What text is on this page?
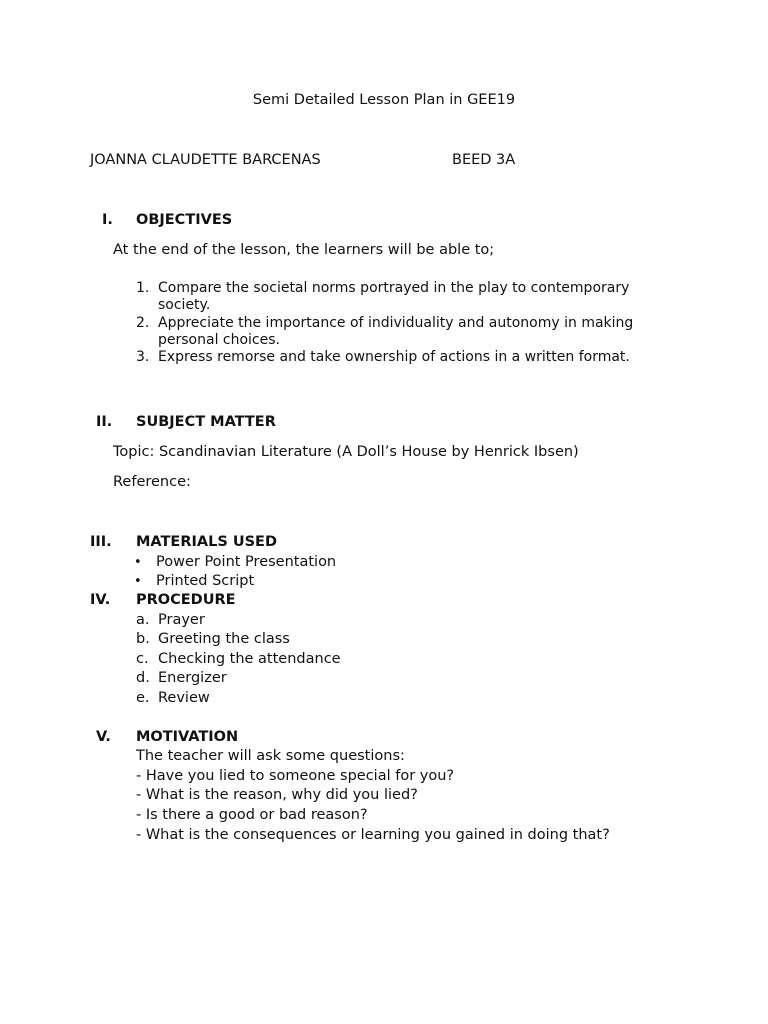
Semi Detailed Lesson Plan in GEE19
JOANNA CLAUDETTE BARCENAS	BEED 3A
I. OBJECTIVES
At the end of the lesson, the learners will be able to;
1. Compare the societal norms portrayed in the play to contemporary
society.
2. Appreciate the importance of individuality and autonomy in making
personal choices.
3. Express remorse and take ownership of actions in a written format.
II. SUBJECT MATTER
Topic: Scandinavian Literature (A Doll’s House by Henrick Ibsen)
Reference:
III. MATERIALS USED
• Power Point Presentation
• Printed Script
IV. PROCEDURE
a. Prayer
b. Greeting the class
c. Checking the attendance
d. Energizer
e. Review
V. MOTIVATION
The teacher will ask some questions:
- Have you lied to someone special for you?
- What is the reason, why did you lied?
- Is there a good or bad reason?
- What is the consequences or learning you gained in doing that?
